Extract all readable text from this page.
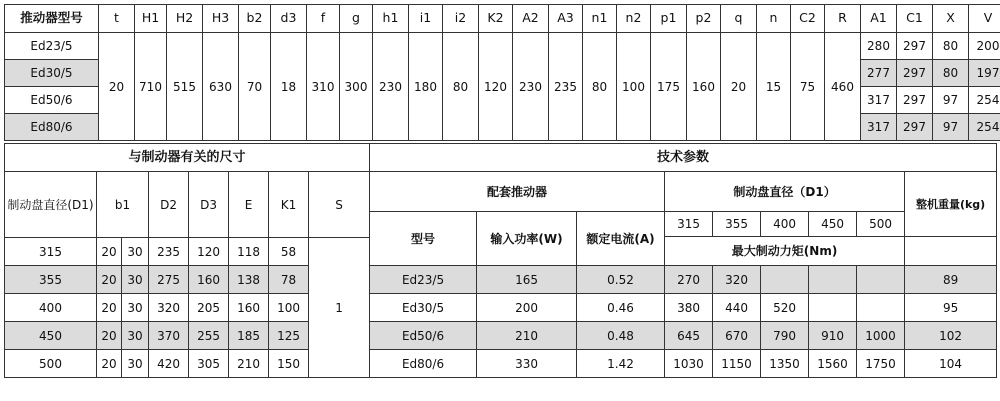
推动器型号	t	H1	H2	H3	b2	d3	f	g	h1	i1	i2	K2	A2	A3	n1	n2	p1	p2	q	n	C2	R	A1	C1	X	V
Ed23/5	20	710	515	630	70	18	310	300	230	180	80	120	230	235	80	100	175	160	20	15	75	460	280	297	80	200
Ed30/5																							277	297	80	197
Ed50/6																							317	297	97	254
Ed80/6																							317	297	97	254
与制动器有关的尺寸	技术参数
制动盘直径(D1)	b1		D2	D3	E	K1	S	配套推动器			制动盘直径（D1）					整机重量(kg)
								型号	输入功率(W)	额定电流(A)	315	355	400	450	500	
											最大制动力矩(Nm)					
315	20	30	235	120	118	58	1									
355	20	30	275	160	138	78		Ed23/5	165	0.52	270	320				89
400	20	30	320	205	160	100		Ed30/5	200	0.46	380	440	520			95
450	20	30	370	255	185	125		Ed50/6	210	0.48	645	670	790	910	1000	102
500	20	30	420	305	210	150		Ed80/6	330	1.42	1030	1150	1350	1560	1750	104
